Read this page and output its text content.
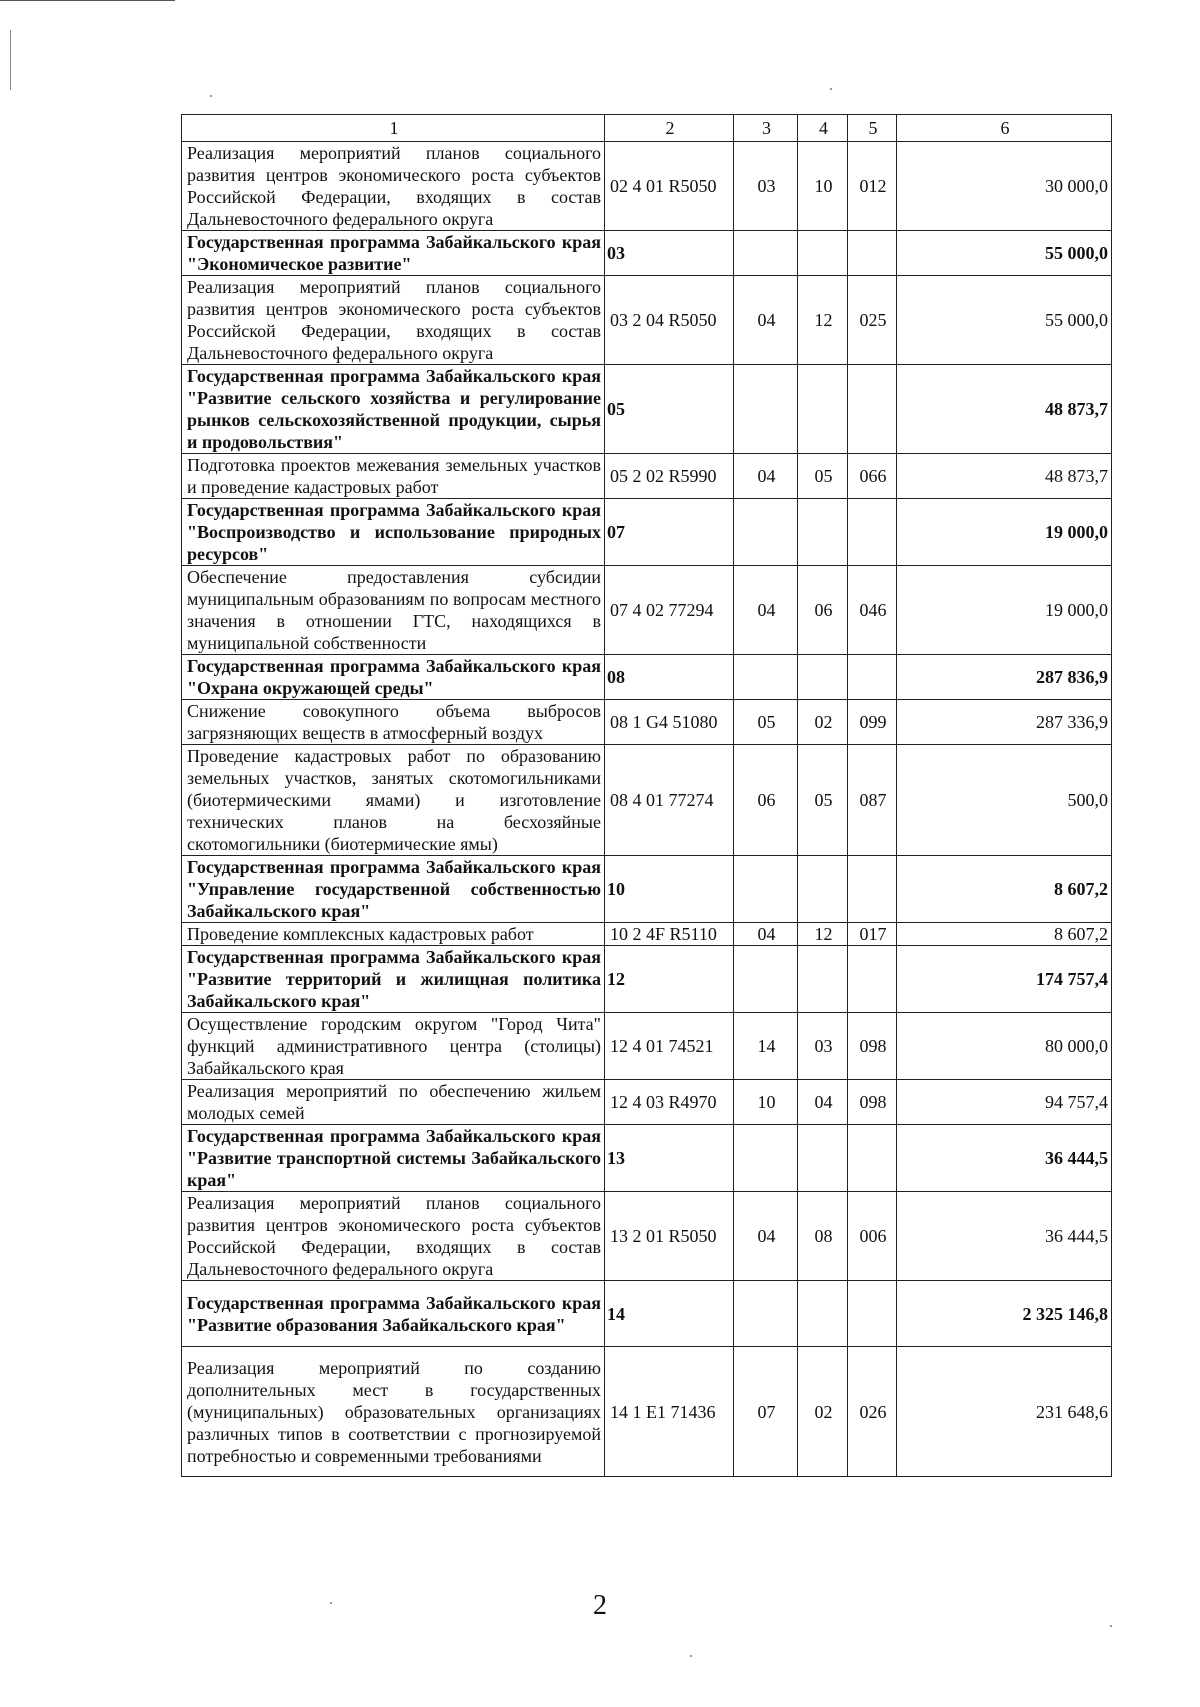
1	2	3	4	5	6
Реализация мероприятий планов социального развития центров экономического роста субъектов Российской Федерации, входящих в состав Дальневосточного федерального округа	02 4 01 R5050	03	10	012	30 000,0
Государственная программа Забайкальского края "Экономическое развитие"	03				55 000,0
Реализация мероприятий планов социального развития центров экономического роста субъектов Российской Федерации, входящих в состав Дальневосточного федерального округа	03 2 04 R5050	04	12	025	55 000,0
Государственная программа Забайкальского края "Развитие сельского хозяйства и регулирование рынков сельскохозяйственной продукции, сырья и продовольствия"	05				48 873,7
Подготовка проектов межевания земельных участков и проведение кадастровых работ	05 2 02 R5990	04	05	066	48 873,7
Государственная программа Забайкальского края "Воспроизводство и использование природных ресурсов"	07				19 000,0
Обеспечение предоставления субсидии муниципальным образованиям по вопросам местного значения в отношении ГТС, находящихся в муниципальной собственности	07 4 02 77294	04	06	046	19 000,0
Государственная программа Забайкальского края "Охрана окружающей среды"	08				287 836,9
Снижение совокупного объема выбросов загрязняющих веществ в атмосферный воздух	08 1 G4 51080	05	02	099	287 336,9
Проведение кадастровых работ по образованию земельных участков, занятых скотомогильниками (биотермическими ямами) и изготовление технических планов на бесхозяйные скотомогильники (биотермические ямы)	08 4 01 77274	06	05	087	500,0
Государственная программа Забайкальского края "Управление государственной собственностью Забайкальского края"	10				8 607,2
Проведение комплексных кадастровых работ	10 2 4F R5110	04	12	017	8 607,2
Государственная программа Забайкальского края "Развитие территорий и жилищная политика Забайкальского края"	12				174 757,4
Осуществление городским округом "Город Чита" функций административного центра (столицы) Забайкальского края	12 4 01 74521	14	03	098	80 000,0
Реализация мероприятий по обеспечению жильем молодых семей	12 4 03 R4970	10	04	098	94 757,4
Государственная программа Забайкальского края "Развитие транспортной системы Забайкальского края"	13				36 444,5
Реализация мероприятий планов социального развития центров экономического роста субъектов Российской Федерации, входящих в состав Дальневосточного федерального округа	13 2 01 R5050	04	08	006	36 444,5
Государственная программа Забайкальского края "Развитие образования Забайкальского края"	14				2 325 146,8
Реализация мероприятий по созданию дополнительных мест в государственных (муниципальных) образовательных организациях различных типов в соответствии с прогнозируемой потребностью и современными требованиями	14 1 E1 71436	07	02	026	231 648,6
2
